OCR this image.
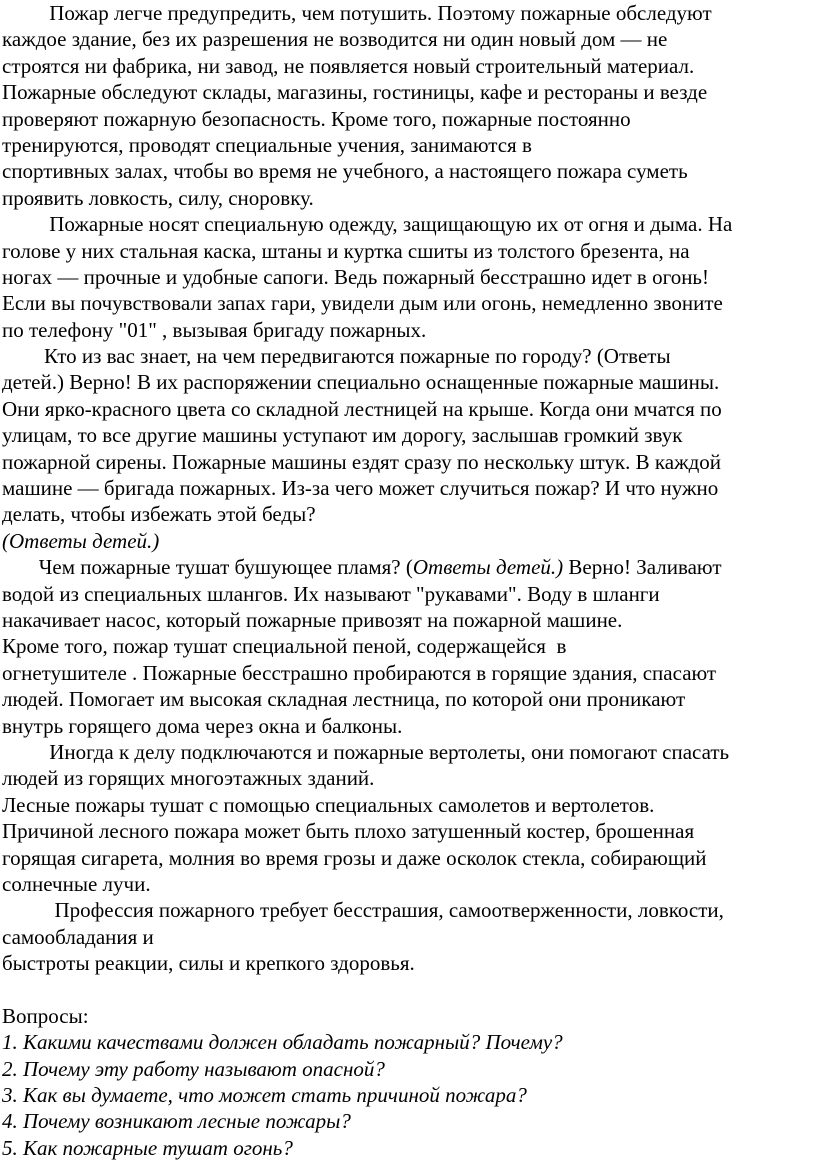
Пожар легче предупредить, чем потушить. Поэтому пожарные обследуют
каждое здание, без их разрешения не возводится ни один новый дом — не
строятся ни фабрика, ни завод, не появляется новый строительный материал.
Пожарные обследуют склады, магазины, гостиницы, кафе и рестораны и везде
проверяют пожарную безопасность. Кроме того, пожарные постоянно
тренируются, проводят специальные учения, занимаются в
спортивных залах, чтобы во время не учебного, а настоящего пожара суметь
проявить ловкость, силу, сноровку.
Пожарные носят специальную одежду, защищающую их от огня и дыма. На
голове у них стальная каска, штаны и куртка сшиты из толстого брезента, на
ногах — прочные и удобные сапоги. Ведь пожарный бесстрашно идет в огонь!
Если вы почувствовали запах гари, увидели дым или огонь, немедленно звоните
по телефону "01" , вызывая бригаду пожарных.
Кто из вас знает, на чем передвигаются пожарные по городу? (Ответы
детей.) Верно! В их распоряжении специально оснащенные пожарные машины.
Они ярко-красного цвета со складной лестницей на крыше. Когда они мчатся по
улицам, то все другие машины уступают им дорогу, заслышав громкий звук
пожарной сирены. Пожарные машины ездят сразу по нескольку штук. В каждой
машине — бригада пожарных. Из-за чего может случиться пожар? И что нужно
делать, чтобы избежать этой беды?
(Ответы детей.)
Чем пожарные тушат бушующее пламя? (Ответы детей.) Верно! Заливают
водой из специальных шлангов. Их называют "рукавами". Воду в шланги
накачивает насос, который пожарные привозят на пожарной машине.
Кроме того, пожар тушат специальной пеной, содержащейся  в
огнетушителе . Пожарные бесстрашно пробираются в горящие здания, спасают
людей. Помогает им высокая складная лестница, по которой они проникают
внутрь горящего дома через окна и балконы.
Иногда к делу подключаются и пожарные вертолеты, они помогают спасать
людей из горящих многоэтажных зданий.
Лесные пожары тушат с помощью специальных самолетов и вертолетов.
Причиной лесного пожара может быть плохо затушенный костер, брошенная
горящая сигарета, молния во время грозы и даже осколок стекла, собирающий
солнечные лучи.
Профессия пожарного требует бесстрашия, самоотверженности, ловкости,
самообладания и
быстроты реакции, силы и крепкого здоровья.
Вопросы:
1. Какими качествами должен обладать пожарный? Почему?
2. Почему эту работу называют опасной?
3. Как вы думаете, что может стать причиной пожара?
4. Почему возникают лесные пожары?
5. Как пожарные тушат огонь?
